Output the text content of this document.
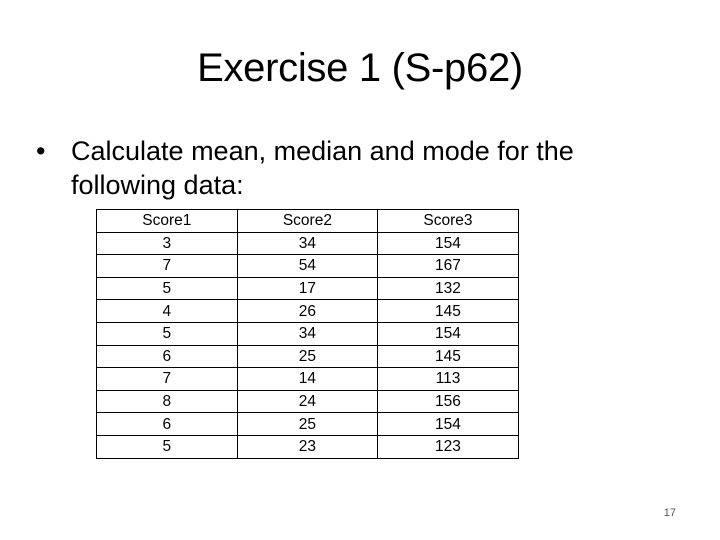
Exercise 1 (S-p62)
• Calculate mean, median and mode for the following data:
Score1	Score2	Score3
3	34	154
7	54	167
5	17	132
4	26	145
5	34	154
6	25	145
7	14	113
8	24	156
6	25	154
5	23	123
17
